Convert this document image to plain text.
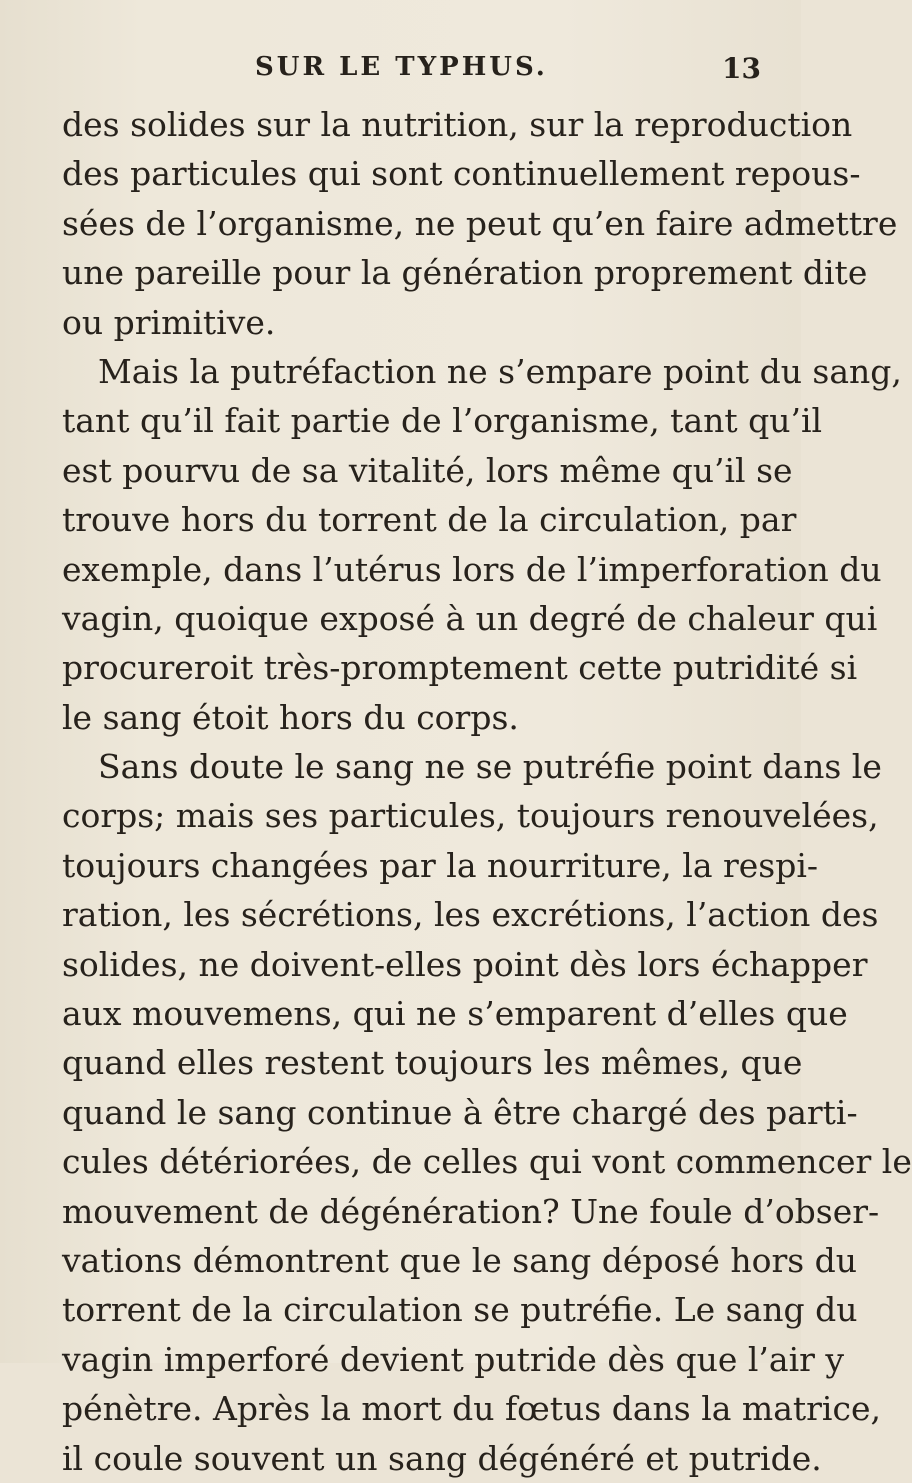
SUR LE TYPHUS.	13
des solides sur la nutrition, sur la reproduction
des particules qui sont continuellement repous-
sées de l’organisme, ne peut qu’en faire admettre
une pareille pour la génération proprement dite
ou primitive.
Mais la putréfaction ne s’empare point du sang,
tant qu’il fait partie de l’organisme, tant qu’il
est pourvu de sa vitalité, lors même qu’il se
trouve hors du torrent de la circulation, par
exemple, dans l’utérus lors de l’imperforation du
vagin, quoique exposé à un degré de chaleur qui
procureroit très-promptement cette putridité si
le sang étoit hors du corps.
Sans doute le sang ne se putréfie point dans le
corps; mais ses particules, toujours renouvelées,
toujours changées par la nourriture, la respi-
ration, les sécrétions, les excrétions, l’action des
solides, ne doivent-elles point dès lors échapper
aux mouvemens, qui ne s’emparent d’elles que
quand elles restent toujours les mêmes, que
quand le sang continue à être chargé des parti-
cules détériorées, de celles qui vont commencer le
mouvement de dégénération? Une foule d’obser-
vations démontrent que le sang déposé hors du
torrent de la circulation se putréfie. Le sang du
vagin imperforé devient putride dès que l’air y
pénètre. Après la mort du fœtus dans la matrice,
il coule souvent un sang dégénéré et putride.
